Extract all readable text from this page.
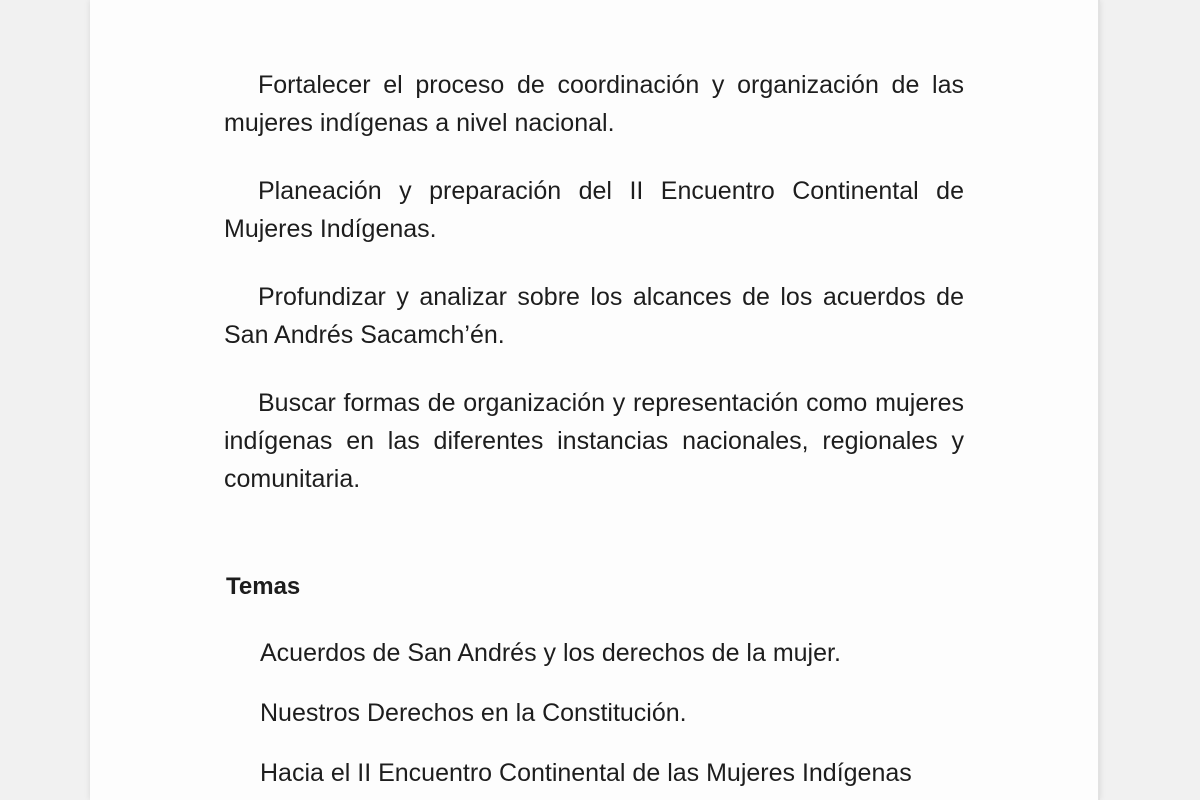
Fortalecer el proceso de coordinación y organización de las mujeres indígenas a nivel nacional.

Planeación y preparación del II Encuentro Continental de Mujeres Indígenas.

Profundizar y analizar sobre los alcances de los acuerdos de San Andrés Sacamch’én.

Buscar formas de organización y representación como mujeres indígenas en las diferentes instancias nacionales, regionales y comunitaria.

Temas

Acuerdos de San Andrés y los derechos de la mujer.

Nuestros Derechos en la Constitución.

Hacia el II Encuentro Continental de las Mujeres Indígenas
